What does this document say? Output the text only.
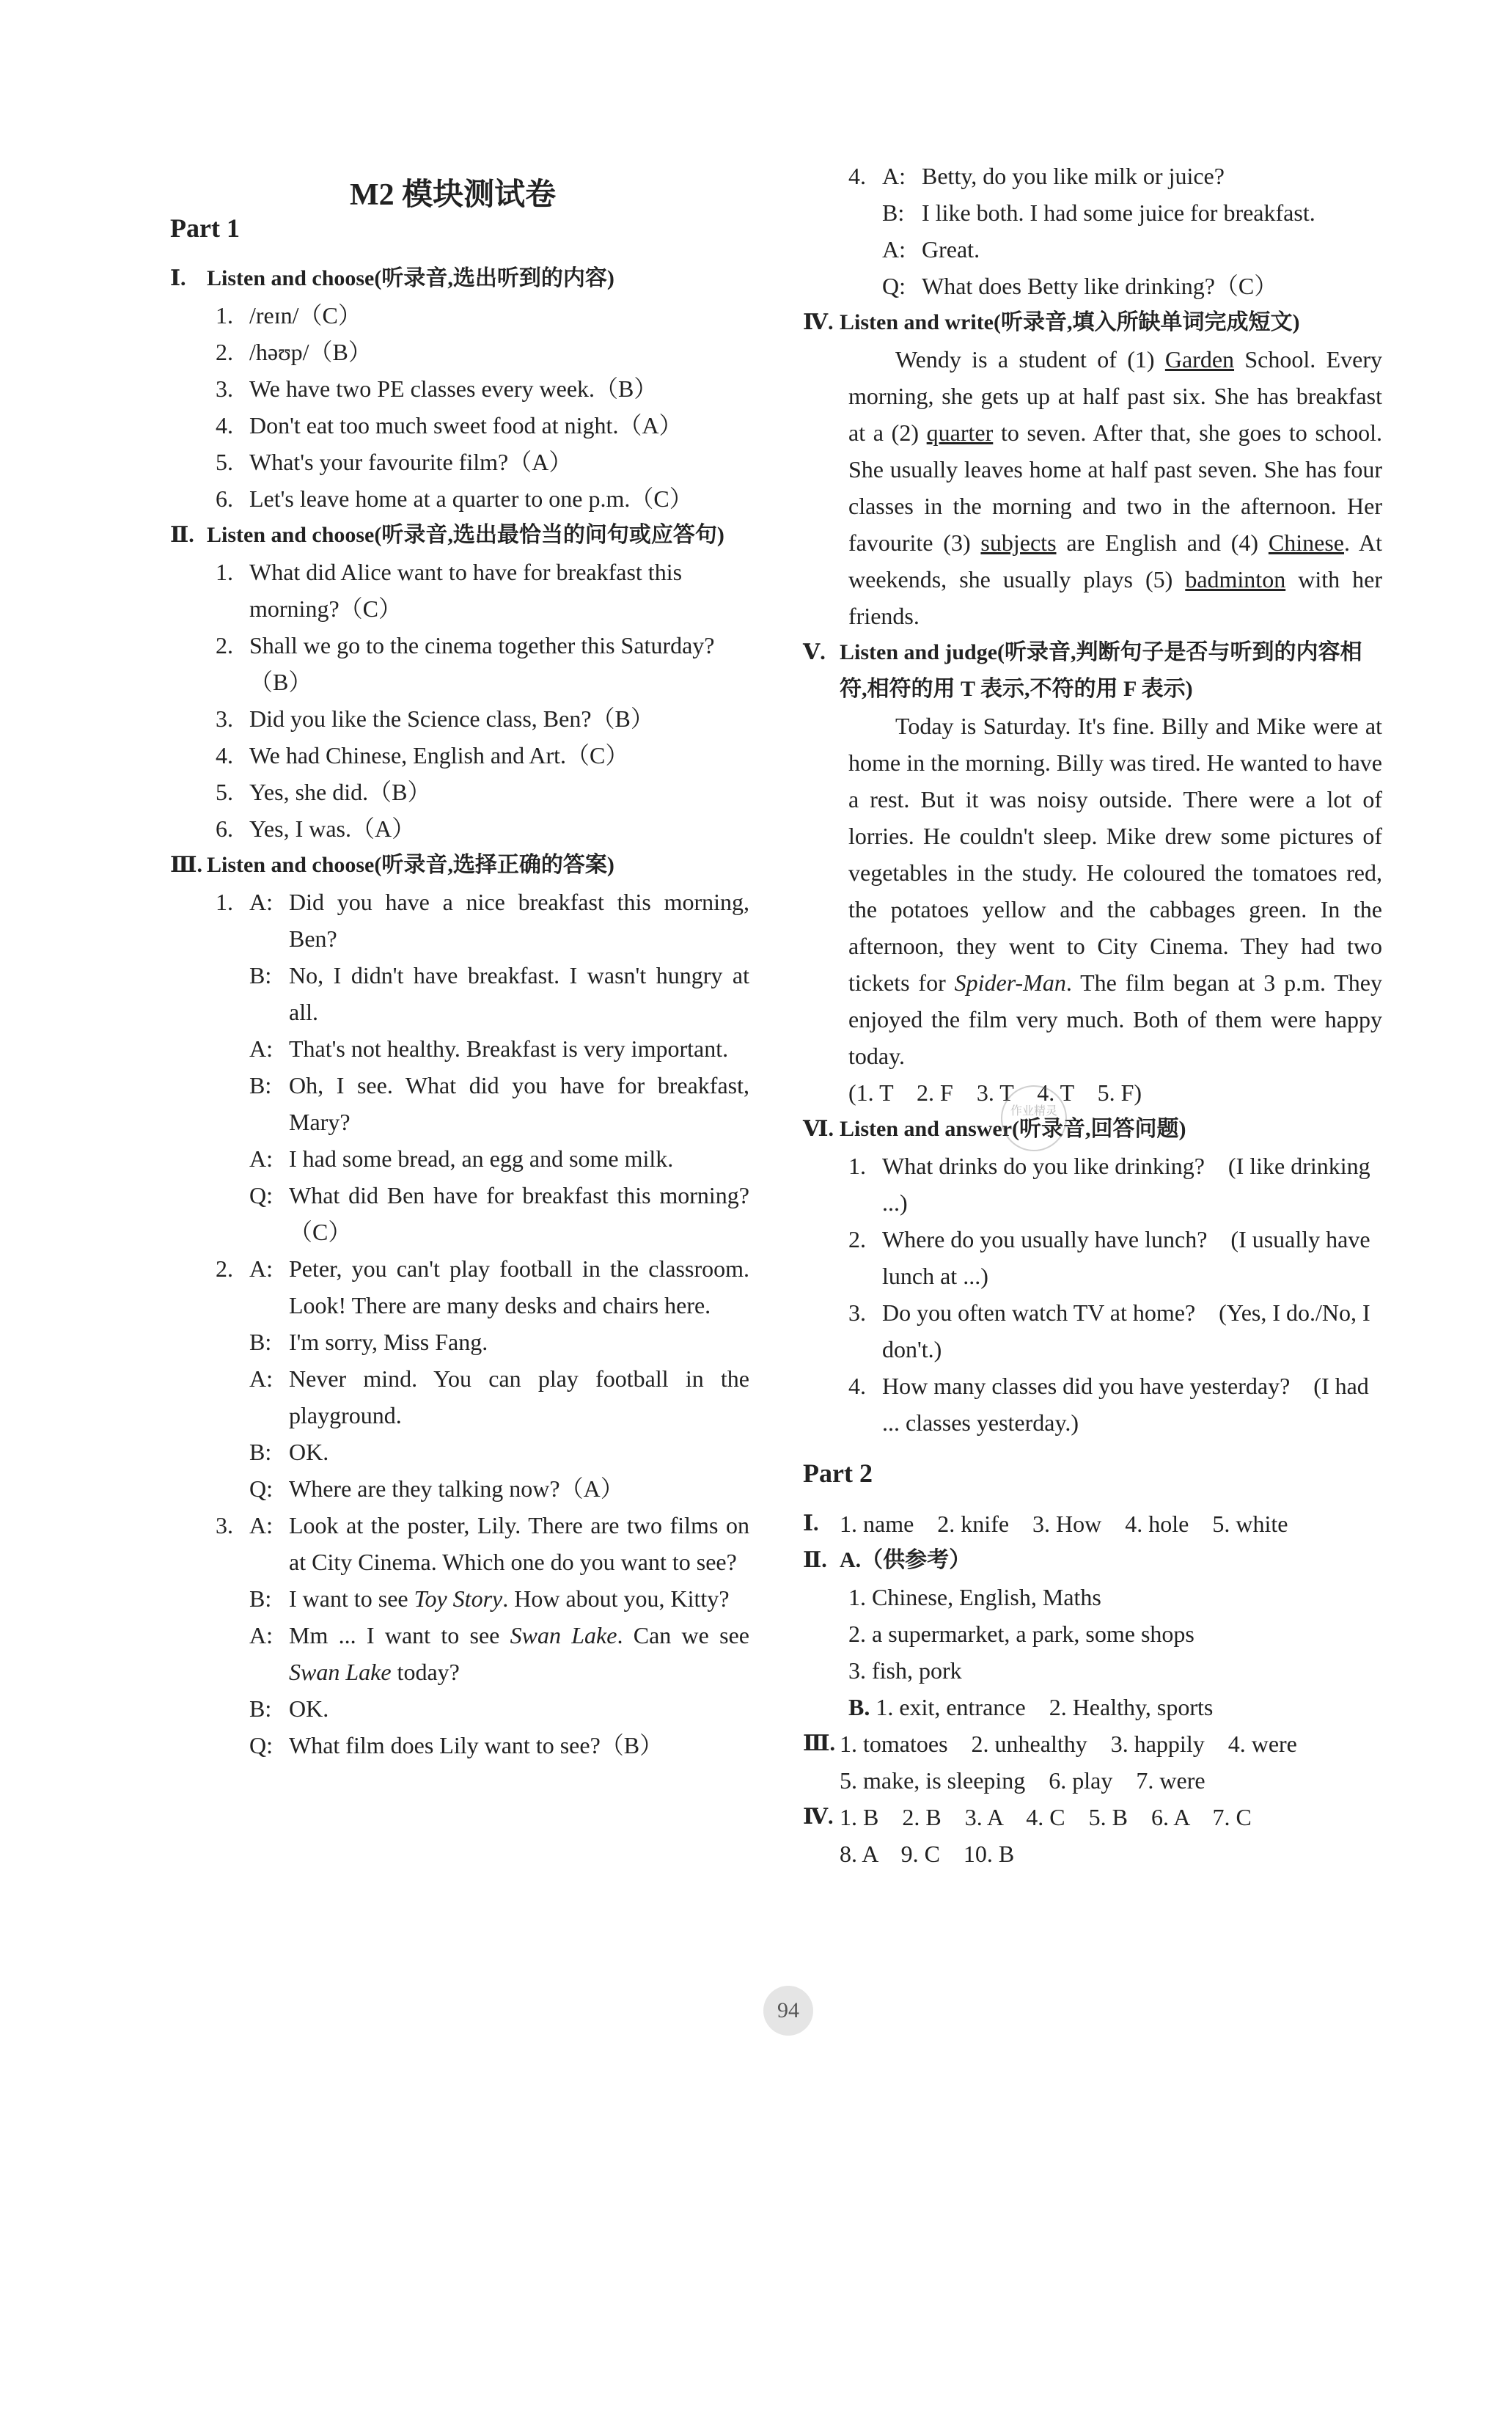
M2 模块测试卷

Part 1

Ⅰ. Listen and choose(听录音,选出听到的内容)
1. /reɪn/（C）
2. /həʊp/（B）
3. We have two PE classes every week.（B）
4. Don't eat too much sweet food at night.（A）
5. What's your favourite film?（A）
6. Let's leave home at a quarter to one p.m.（C）
Ⅱ. Listen and choose(听录音,选出最恰当的问句或应答句)
1. What did Alice want to have for breakfast this morning?（C）
2. Shall we go to the cinema together this Saturday?（B）
3. Did you like the Science class, Ben?（B）
4. We had Chinese, English and Art.（C）
5. Yes, she did.（B）
6. Yes, I was.（A）
Ⅲ. Listen and choose(听录音,选择正确的答案)
1. A: Did you have a nice breakfast this morning, Ben?
B: No, I didn't have breakfast. I wasn't hungry at all.
A: That's not healthy. Breakfast is very important.
B: Oh, I see. What did you have for breakfast, Mary?
A: I had some bread, an egg and some milk.
Q: What did Ben have for breakfast this morning?（C）
2. A: Peter, you can't play football in the classroom. Look! There are many desks and chairs here.
B: I'm sorry, Miss Fang.
A: Never mind. You can play football in the playground.
B: OK.
Q: Where are they talking now?（A）
3. A: Look at the poster, Lily. There are two films on at City Cinema. Which one do you want to see?
B: I want to see Toy Story. How about you, Kitty?
A: Mm ... I want to see Swan Lake. Can we see Swan Lake today?
B: OK.
Q: What film does Lily want to see?（B）
4. A: Betty, do you like milk or juice?
B: I like both. I had some juice for breakfast.
A: Great.
Q: What does Betty like drinking?（C）
Ⅳ. Listen and write(听录音,填入所缺单词完成短文)
Wendy is a student of (1) Garden School. Every morning, she gets up at half past six. She has breakfast at a (2) quarter to seven. After that, she goes to school. She usually leaves home at half past seven. She has four classes in the morning and two in the afternoon. Her favourite (3) subjects are English and (4) Chinese. At weekends, she usually plays (5) badminton with her friends.
Ⅴ. Listen and judge(听录音,判断句子是否与听到的内容相符,相符的用 T 表示,不符的用 F 表示)
Today is Saturday. It's fine. Billy and Mike were at home in the morning. Billy was tired. He wanted to have a rest. But it was noisy outside. There were a lot of lorries. He couldn't sleep. Mike drew some pictures of vegetables in the study. He coloured the tomatoes red, the potatoes yellow and the cabbages green. In the afternoon, they went to City Cinema. They had two tickets for Spider-Man. The film began at 3 p.m. They enjoyed the film very much. Both of them were happy today.
(1. T　2. F　3. T　4. T　5. F)
Ⅵ. Listen and answer(听录音,回答问题)
1. What drinks do you like drinking?　(I like drinking ...)
2. Where do you usually have lunch?　(I usually have lunch at ...)
3. Do you often watch TV at home?　(Yes, I do./No, I don't.)
4. How many classes did you have yesterday?　(I had ... classes yesterday.)

Part 2

Ⅰ. 1. name　2. knife　3. How　4. hole　5. white
Ⅱ. A.（供参考）
1. Chinese, English, Maths
2. a supermarket, a park, some shops
3. fish, pork
B. 1. exit, entrance　2. Healthy, sports
Ⅲ. 1. tomatoes　2. unhealthy　3. happily　4. were
5. make, is sleeping　6. play　7. were
Ⅳ. 1. B　2. B　3. A　4. C　5. B　6. A　7. C
8. A　9. C　10. B
作业精灵
94
